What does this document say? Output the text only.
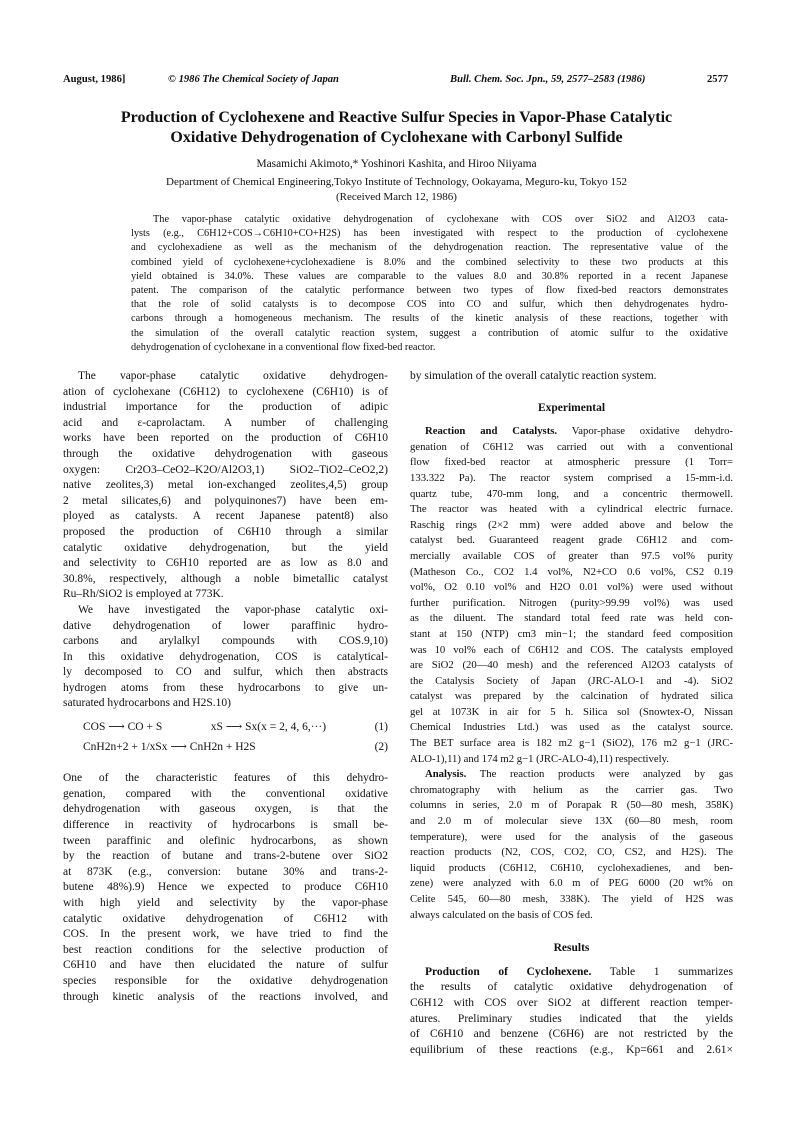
August, 1986]	© 1986 The Chemical Society of Japan	Bull. Chem. Soc. Jpn., 59, 2577–2583 (1986)	2577
Production of Cyclohexene and Reactive Sulfur Species in Vapor-Phase Catalytic
Oxidative Dehydrogenation of Cyclohexane with Carbonyl Sulfide
Masamichi Akimoto,* Yoshinori Kashita, and Hiroo Niiyama
Department of Chemical Engineering,Tokyo Institute of Technology, Ookayama, Meguro-ku, Tokyo 152
(Received March 12, 1986)
The vapor-phase catalytic oxidative dehydrogenation of cyclohexane with COS over SiO2 and Al2O3 cata-
lysts (e.g., C6H12+COS→C6H10+CO+H2S) has been investigated with respect to the production of cyclohexene
and cyclohexadiene as well as the mechanism of the dehydrogenation reaction. The representative value of the
combined yield of cyclohexene+cyclohexadiene is 8.0% and the combined selectivity to these two products at this
yield obtained is 34.0%. These values are comparable to the values 8.0 and 30.8% reported in a recent Japanese
patent. The comparison of the catalytic performance between two types of flow fixed-bed reactors demonstrates
that the role of solid catalysts is to decompose COS into CO and sulfur, which then dehydrogenates hydro-
carbons through a homogeneous mechanism. The results of the kinetic analysis of these reactions, together with
the simulation of the overall catalytic reaction system, suggest a contribution of atomic sulfur to the oxidative
dehydrogenation of cyclohexane in a conventional flow fixed-bed reactor.
The vapor-phase catalytic oxidative dehydrogen-
ation of cyclohexane (C6H12) to cyclohexene (C6H10) is of
industrial importance for the production of adipic
acid and ε-caprolactam. A number of challenging
works have been reported on the production of C6H10
through the oxidative dehydrogenation with gaseous
oxygen: Cr2O3–CeO2–K2O/Al2O3,1) SiO2–TiO2–CeO2,2)
native zeolites,3) metal ion-exchanged zeolites,4,5) group
2 metal silicates,6) and polyquinones7) have been em-
ployed as catalysts. A recent Japanese patent8) also
proposed the production of C6H10 through a similar
catalytic oxidative dehydrogenation, but the yield
and selectivity to C6H10 reported are as low as 8.0 and
30.8%, respectively, although a noble bimetallic catalyst
Ru–Rh/SiO2 is employed at 773K.
We have investigated the vapor-phase catalytic oxi-
dative dehydrogenation of lower paraffinic hydro-
carbons and arylalkyl compounds with COS.9,10)
In this oxidative dehydrogenation, COS is catalytical-
ly decomposed to CO and sulfur, which then abstracts
hydrogen atoms from these hydrocarbons to give un-
saturated hydrocarbons and H2S.10)
COS ⟶ CO + S	xS ⟶ Sx(x = 2, 4, 6,···)	(1)
CnH2n+2 + 1/xSx ⟶ CnH2n + H2S	(2)
One of the characteristic features of this dehydro-
genation, compared with the conventional oxidative
dehydrogenation with gaseous oxygen, is that the
difference in reactivity of hydrocarbons is small be-
tween paraffinic and olefinic hydrocarbons, as shown
by the reaction of butane and trans-2-butene over SiO2
at 873K (e.g., conversion: butane 30% and trans-2-
butene 48%).9) Hence we expected to produce C6H10
with high yield and selectivity by the vapor-phase
catalytic oxidative dehydrogenation of C6H12 with
COS. In the present work, we have tried to find the
best reaction conditions for the selective production of
C6H10 and have then elucidated the nature of sulfur
species responsible for the oxidative dehydrogenation
through kinetic analysis of the reactions involved, and
by simulation of the overall catalytic reaction system.
Experimental
Reaction and Catalysts. Vapor-phase oxidative dehydro-
genation of C6H12 was carried out with a conventional
flow fixed-bed reactor at atmospheric pressure (1 Torr=
133.322 Pa). The reactor system comprised a 15-mm-i.d.
quartz tube, 470-mm long, and a concentric thermowell.
The reactor was heated with a cylindrical electric furnace.
Raschig rings (2×2 mm) were added above and below the
catalyst bed. Guaranteed reagent grade C6H12 and com-
mercially available COS of greater than 97.5 vol% purity
(Matheson Co., CO2 1.4 vol%, N2+CO 0.6 vol%, CS2 0.19
vol%, O2 0.10 vol% and H2O 0.01 vol%) were used without
further purification. Nitrogen (purity>99.99 vol%) was used
as the diluent. The standard total feed rate was held con-
stant at 150 (NTP) cm3 min−1; the standard feed composition
was 10 vol% each of C6H12 and COS. The catalysts employed
are SiO2 (20—40 mesh) and the referenced Al2O3 catalysts of
the Catalysis Society of Japan (JRC-ALO-1 and -4). SiO2
catalyst was prepared by the calcination of hydrated silica
gel at 1073K in air for 5 h. Silica sol (Snowtex-O, Nissan
Chemical Industries Ltd.) was used as the catalyst source.
The BET surface area is 182 m2 g−1 (SiO2), 176 m2 g−1 (JRC-
ALO-1),11) and 174 m2 g−1 (JRC-ALO-4),11) respectively.
Analysis. The reaction products were analyzed by gas
chromatography with helium as the carrier gas. Two
columns in series, 2.0 m of Porapak R (50—80 mesh, 358K)
and 2.0 m of molecular sieve 13X (60—80 mesh, room
temperature), were used for the analysis of the gaseous
reaction products (N2, COS, CO2, CO, CS2, and H2S). The
liquid products (C6H12, C6H10, cyclohexadienes, and ben-
zene) were analyzed with 6.0 m of PEG 6000 (20 wt% on
Celite 545, 60—80 mesh, 338K). The yield of H2S was
always calculated on the basis of COS fed.
Results
Production of Cyclohexene. Table 1 summarizes
the results of catalytic oxidative dehydrogenation of
C6H12 with COS over SiO2 at different reaction temper-
atures. Preliminary studies indicated that the yields
of C6H10 and benzene (C6H6) are not restricted by the
equilibrium of these reactions (e.g., Kp=661 and 2.61×
